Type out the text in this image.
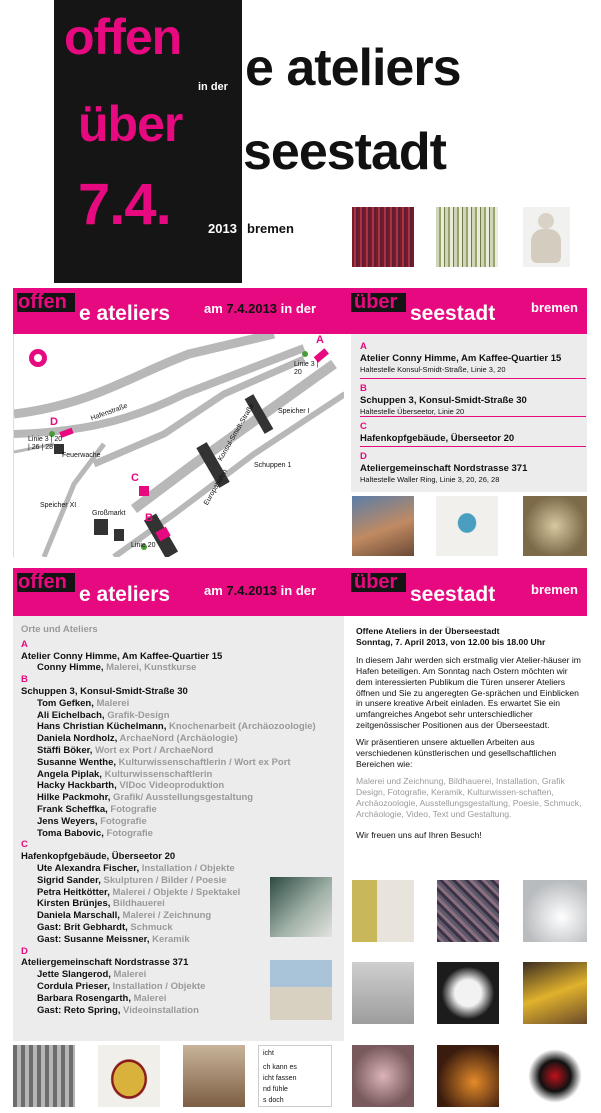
offen
in der e ateliers
über seestadt
7.4.	2013 bremen
offen e ateliers	am 7.4.2013 in der über seestadt	bremen
A
B
C
D
Linie 3 | 20
Linie 3 | 20 | 26 | 28
Linie 20
Speicher I
Schuppen 1
Speicher XI
Großmarkt
Europahafen
Konsul-Smidt-Straße
Hafenstraße
Feuerwache
A
Atelier Conny Himme, Am Kaffee-Quartier 15
Haltestelle Konsul-Smidt-Straße, Linie 3, 20
B
Schuppen 3, Konsul-Smidt-Straße 30
Haltestelle Überseetor, Linie 20
C
Hafenkopfgebäude, Überseetor 20
D
Ateliergemeinschaft Nordstrasse 371
Haltestelle Waller Ring, Linie 3, 20, 26, 28
offen
e ateliers	am 7.4.2013 in der über
seestadt	bremen
Orte und Ateliers
A
Atelier Conny Himme, Am Kaffee-Quartier 15
Conny Himme, Malerei, Kunstkurse
B
Schuppen 3, Konsul-Smidt-Straße 30
Tom Gefken, Malerei
Ali Eichelbach, Grafik-Design
Hans Christian Küchelmann, Knochenarbeit (Archäozoologie)
Daniela Nordholz, ArchaeNord (Archäologie)
Stäffi Böker, Wort ex Port / ArchaeNord
Susanne Wenthe, Kulturwissenschaftlerin / Wort ex Port
Angela Piplak, Kulturwissenschaftlerin
Hacky Hackbarth, VIDoc Videoproduktion
Hilke Packmohr, Grafik/ Ausstellungsgestaltung
Frank Scheffka, Fotografie
Jens Weyers, Fotografie
Toma Babovic, Fotografie
C
Hafenkopfgebäude, Überseetor 20
Ute Alexandra Fischer, Installation / Objekte
Sigrid Sander, Skulpturen / Bilder / Poesie
Petra Heitkötter, Malerei / Objekte / Spektakel
Kirsten Brünjes, Bildhauerei
Daniela Marschall, Malerei / Zeichnung
Gast: Brit Gebhardt, Schmuck
Gast: Susanne Meissner, Keramik
D
Ateliergemeinschaft Nordstrasse 371
Jette Slangerod, Malerei
Cordula Prieser, Installation / Objekte
Barbara Rosengarth, Malerei
Gast: Reto Spring, Videoinstallation
Offene Ateliers in der Überseestadt
Sonntag, 7. April 2013, von 12.00 bis 18.00 Uhr

In diesem Jahr werden sich erstmalig vier Atelier-häuser im Hafen beteiligen. Am Sonntag nach Ostern möchten wir dem interessierten Publikum die Türen unserer Ateliers öffnen und Sie zu angeregten Ge-sprächen und Einblicken in unsere kreative Arbeit einladen. Es erwartet Sie ein umfangreiches Angebot sehr unterschiedlicher zeitgenössischer Positionen aus der Überseestadt.

Wir präsentieren unsere aktuellen Arbeiten aus verschiedenen künstlerischen und gesellschaftlichen Bereichen wie:

Malerei und Zeichnung, Bildhauerei, Installation, Grafik Design, Fotografie, Keramik, Kulturwissen-schaften, Archäozoologie, Ausstellungsgestaltung, Poesie, Schmuck, Archäologie, Video, Text und Gestaltung.

Wir freuen uns auf Ihren Besuch!

icht
ch kann es
icht fassen
nd fühle
s doch
